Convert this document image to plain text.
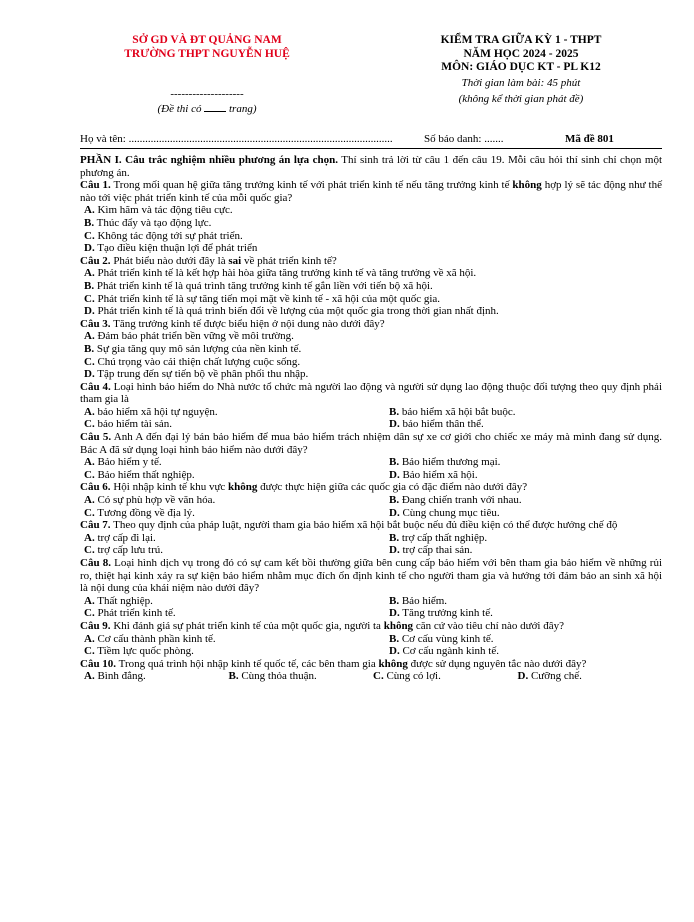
SỞ GD VÀ ĐT QUẢNG NAM
TRƯỜNG THPT NGUYỄN HUỆ
--------------------
(Đề thi có	trang)
KIỂM TRA GIỮA KỲ 1 - THPT
NĂM HỌC 2024 - 2025
MÔN: GIÁO DỤC KT - PL K12
Thời gian làm bài: 45 phút
(không kể thời gian phát đề)
Họ và tên: ................................................................................................	Số báo danh: .......	Mã đề 801

PHẦN I. Câu trắc nghiệm nhiều phương án lựa chọn. Thí sinh trả lời từ câu 1 đến câu 19. Mỗi câu hỏi thí sinh chỉ chọn một phương án.

Câu 1. Trong mối quan hệ giữa tăng trưởng kinh tế với phát triển kinh tế nếu tăng trưởng kinh tế không hợp lý sẽ tác động như thế nào tới việc phát triển kinh tế của mỗi quốc gia?

A. Kìm hãm và tác động tiêu cực.
B. Thúc đẩy và tạo động lực.
C. Không tác động tới sự phát triển.
D. Tạo điều kiện thuận lợi để phát triển

Câu 2. Phát biểu nào dưới đây là sai về phát triển kinh tế?

A. Phát triển kinh tế là kết hợp hài hòa giữa tăng trưởng kinh tế và tăng trưởng về xã hội.
B. Phát triển kinh tế là quá trình tăng trưởng kinh tế gắn liền với tiến bộ xã hội.
C. Phát triển kinh tế là sự tăng tiến mọi mặt về kinh tế - xã hội của một quốc gia.
D. Phát triển kinh tế là quá trình biến đổi về lượng của một quốc gia trong thời gian nhất định.

Câu 3. Tăng trưởng kinh tế được biểu hiện ở nội dung nào dưới đây?

A. Đảm bảo phát triển bền vững về môi trường.
B. Sự gia tăng quy mô sản lượng của nền kinh tế.
C. Chú trọng vào cải thiện chất lượng cuộc sống.
D. Tập trung đến sự tiến bộ về phân phối thu nhập.

Câu 4. Loại hình bảo hiểm do Nhà nước tổ chức mà người lao động và người sử dụng lao động thuộc đối tượng theo quy định phải tham gia là

A. bảo hiểm xã hội tự nguyện.	B. bảo hiểm xã hội bắt buộc.
C. bảo hiểm tài sản.	D. bảo hiểm thân thể.

Câu 5. Anh A đến đại lý bán bảo hiểm để mua bảo hiểm trách nhiệm dân sự xe cơ giới cho chiếc xe máy mà mình đang sử dụng. Bác A đã sử dụng loại hình bảo hiểm nào dưới đây?

A. Bảo hiểm y tế.	B. Bảo hiểm thương mại.
C. Bảo hiểm thất nghiệp.	D. Bảo hiểm xã hội.

Câu 6. Hội nhập kinh tế khu vực không được thực hiện giữa các quốc gia có đặc điểm nào dưới đây?

A. Có sự phù hợp về văn hóa.	B. Đang chiến tranh với nhau.
C. Tương đồng về địa lý.	D. Cùng chung mục tiêu.

Câu 7. Theo quy định của pháp luật, người tham gia bảo hiểm xã hội bắt buộc nếu đủ điều kiện có thể được hưởng chế độ

A. trợ cấp đi lại.	B. trợ cấp thất nghiệp.
C. trợ cấp lưu trú.	D. trợ cấp thai sản.

Câu 8. Loại hình dịch vụ trong đó có sự cam kết bồi thường giữa bên cung cấp bảo hiểm với bên tham gia bảo hiểm về những rủi ro, thiệt hại kinh xảy ra sự kiện bảo hiểm nhằm mục đích ổn định kinh tế cho người tham gia và hướng tới đảm bảo an sinh xã hội là nội dung của khái niệm nào dưới đây?

A. Thất nghiệp.	B. Bảo hiểm.
C. Phát triển kinh tế.	D. Tăng trưởng kinh tế.

Câu 9. Khi đánh giá sự phát triển kinh tế của một quốc gia, người ta không căn cứ vào tiêu chí nào dưới đây?

A. Cơ cấu thành phần kinh tế.	B. Cơ cấu vùng kinh tế.
C. Tiềm lực quốc phòng.	D. Cơ cấu ngành kinh tế.

Câu 10. Trong quá trình hội nhập kinh tế quốc tế, các bên tham gia không được sử dụng nguyên tắc nào dưới đây?

A. Bình đẳng.	B. Cùng thỏa thuận.	C. Cùng có lợi.	D. Cưỡng chế.
